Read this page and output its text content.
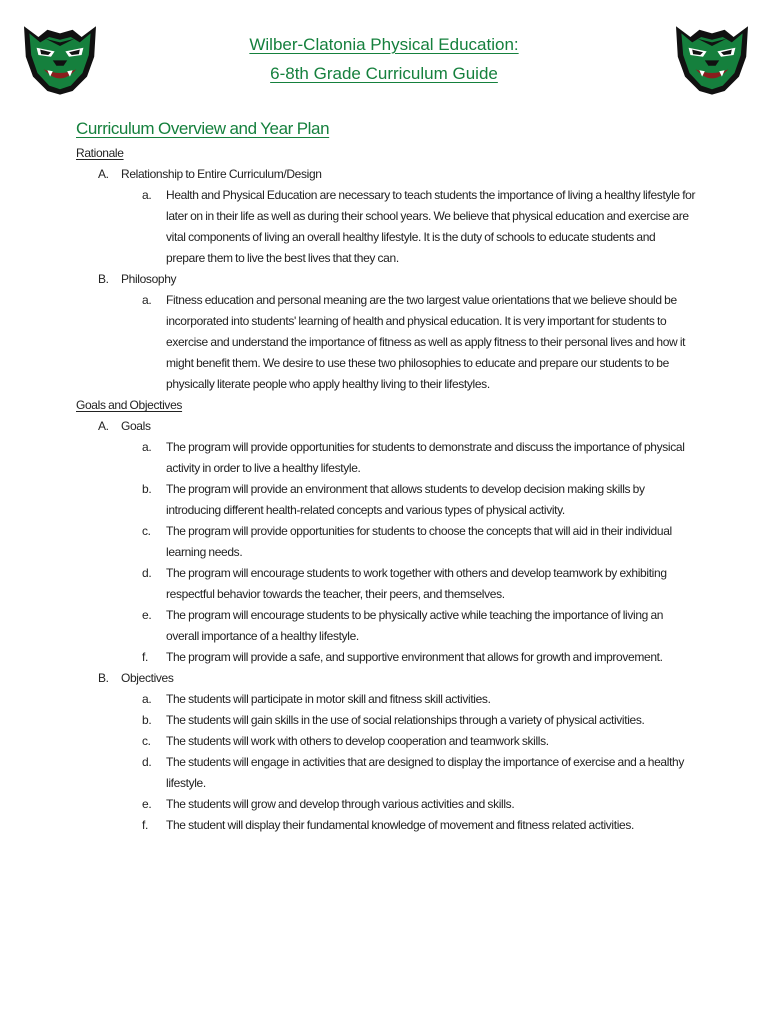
Wilber-Clatonia Physical Education:
6-8th Grade Curriculum Guide
Curriculum Overview and Year Plan
Rationale
A. Relationship to Entire Curriculum/Design
a. Health and Physical Education are necessary to teach students the importance of living a healthy lifestyle for later on in their life as well as during their school years. We believe that physical education and exercise are vital components of living an overall healthy lifestyle. It is the duty of schools to educate students and prepare them to live the best lives that they can.

B. Philosophy
a. Fitness education and personal meaning are the two largest value orientations that we believe should be incorporated into students' learning of health and physical education. It is very important for students to exercise and understand the importance of fitness as well as apply fitness to their personal lives and how it might benefit them. We desire to use these two philosophies to educate and prepare our students to be physically literate people who apply healthy living to their lifestyles.

Goals and Objectives
A. Goals
a. The program will provide opportunities for students to demonstrate and discuss the importance of physical activity in order to live a healthy lifestyle.

b. The program will provide an environment that allows students to develop decision making skills by introducing different health-related concepts and various types of physical activity.

c. The program will provide opportunities for students to choose the concepts that will aid in their individual learning needs.

d. The program will encourage students to work together with others and develop teamwork by exhibiting respectful behavior towards the teacher, their peers, and themselves.

e. The program will encourage students to be physically active while teaching the importance of living an overall importance of a healthy lifestyle.

f. The program will provide a safe, and supportive environment that allows for growth and improvement.

B. Objectives
a. The students will participate in motor skill and fitness skill activities.

b. The students will gain skills in the use of social relationships through a variety of physical activities.

c. The students will work with others to develop cooperation and teamwork skills.

d. The students will engage in activities that are designed to display the importance of exercise and a healthy lifestyle.

e. The students will grow and develop through various activities and skills.

f. The student will display their fundamental knowledge of movement and fitness related activities.
